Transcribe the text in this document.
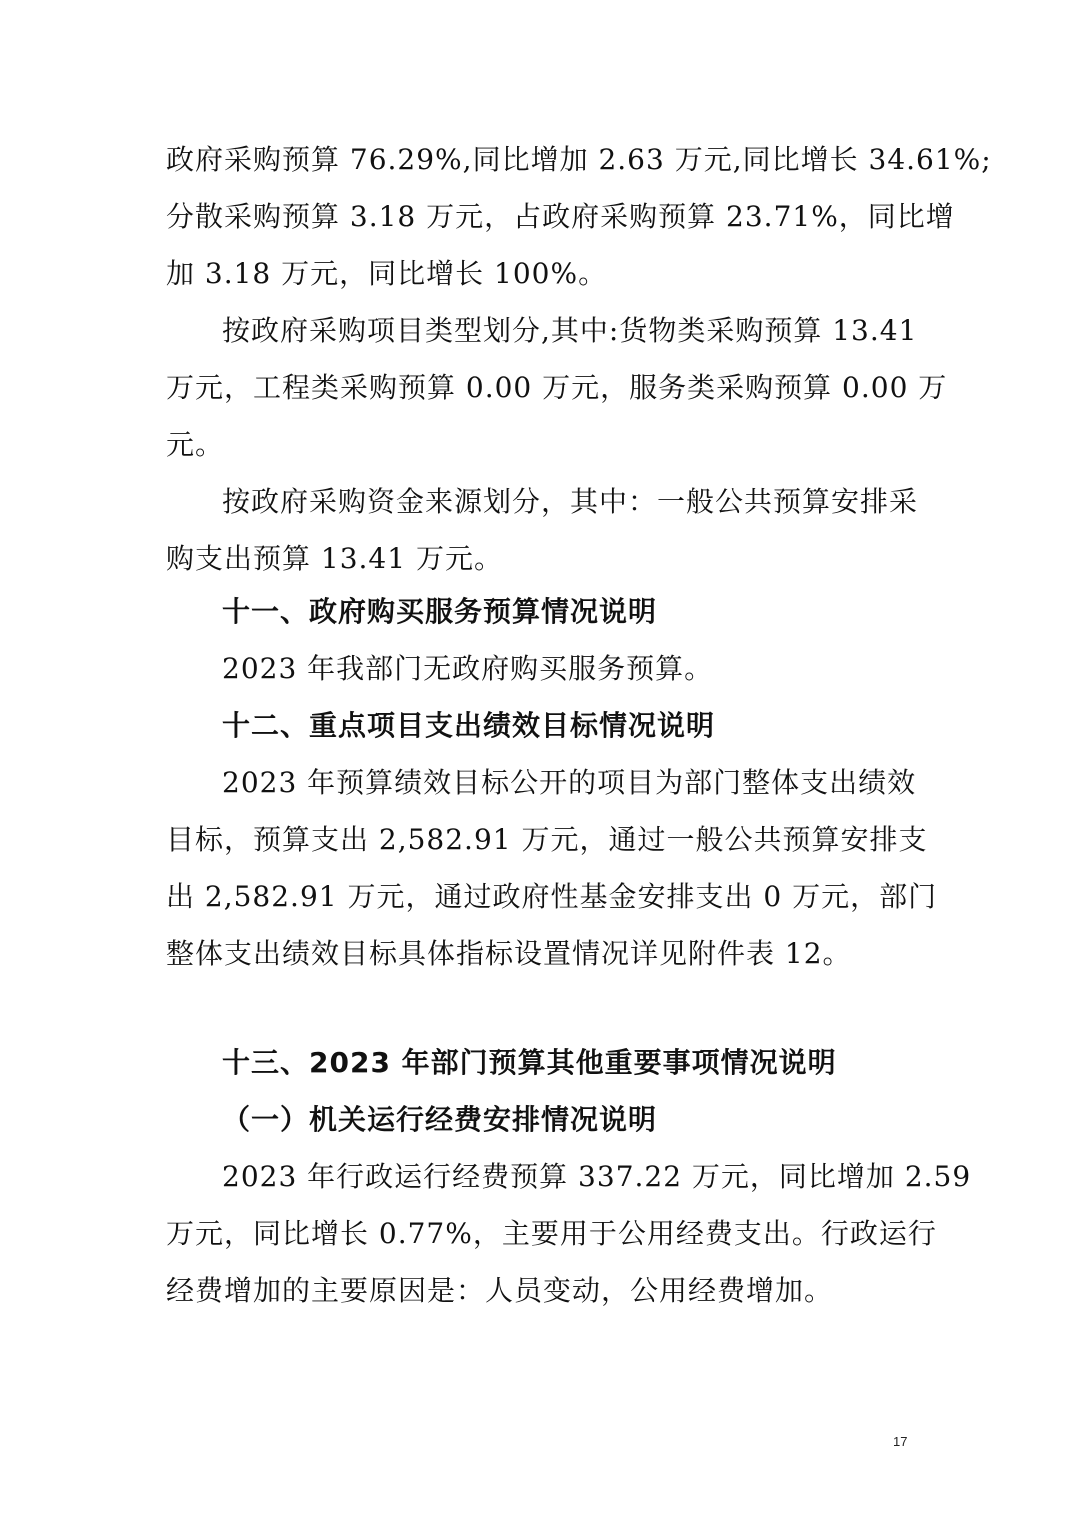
政府采购预算 76.29%,同比增加 2.63 万元,同比增长 34.61%;
分散采购预算 3.18 万元，占政府采购预算 23.71%，同比增
加 3.18 万元，同比增长 100%。
按政府采购项目类型划分,其中:货物类采购预算 13.41
万元，工程类采购预算 0.00 万元，服务类采购预算 0.00 万
元。
按政府采购资金来源划分，其中：一般公共预算安排采
购支出预算 13.41 万元。
十一、政府购买服务预算情况说明
2023 年我部门无政府购买服务预算。
十二、重点项目支出绩效目标情况说明
2023 年预算绩效目标公开的项目为部门整体支出绩效
目标，预算支出 2,582.91 万元，通过一般公共预算安排支
出 2,582.91 万元，通过政府性基金安排支出 0 万元，部门
整体支出绩效目标具体指标设置情况详见附件表 12。
十三、2023 年部门预算其他重要事项情况说明
（一）机关运行经费安排情况说明
2023 年行政运行经费预算 337.22 万元，同比增加 2.59
万元，同比增长 0.77%，主要用于公用经费支出。行政运行
经费增加的主要原因是：人员变动，公用经费增加。
17
